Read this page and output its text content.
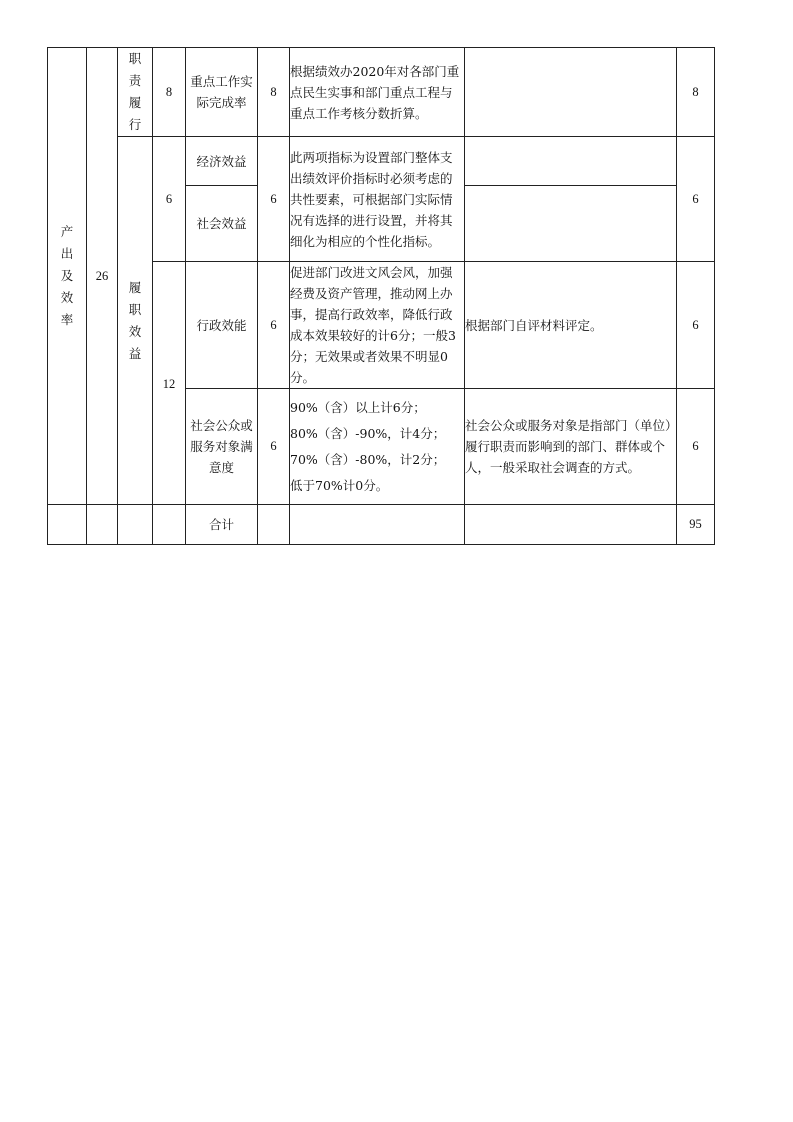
产出及效率	26	职责履行	8	重点工作实际完成率	8	根据绩效办2020年对各部门重点民生实事和部门重点工程与重点工作考核分数折算。		8
		履职效益	6	经济效益	6	此两项指标为设置部门整体支出绩效评价指标时必须考虑的共性要素，可根据部门实际情况有选择的进行设置，并将其细化为相应的个性化指标。		6
				社会效益				
			12	行政效能	6	促进部门改进文风会风，加强经费及资产管理，推动网上办事，提高行政效率，降低行政成本效果较好的计6分；一般3分；无效果或者效果不明显0分。	根据部门自评材料评定。	6
				社会公众或服务对象满意度	6	90%（含）以上计6分；

80%（含）-90%，计4分；

70%（含）-80%，计2分；

低于70%计0分。	社会公众或服务对象是指部门（单位）履行职责而影响到的部门、群体或个人，一般采取社会调查的方式。	6
				合计				95
